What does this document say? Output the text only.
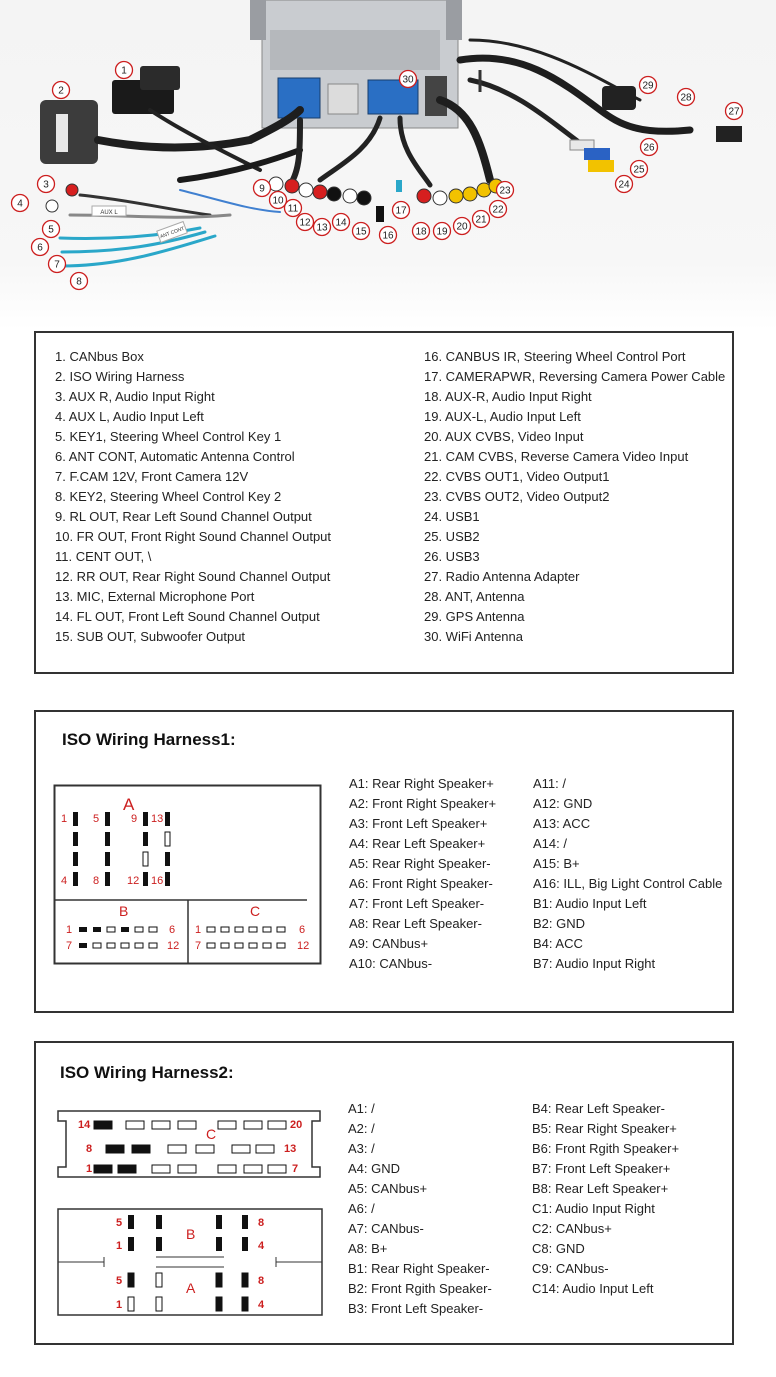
AUX L
ANT CONT
1
2
3
4
5
6
7
8
9
10
11
12 13 14
15 16
17
18 19 20
21
22
23
24
25
26
27
28
29
30
1. CANbus Box
2. ISO Wiring Harness
3. AUX R, Audio Input Right
4. AUX L, Audio Input Left
5. KEY1, Steering Wheel Control Key 1
6. ANT CONT, Automatic Antenna Control
7. F.CAM 12V, Front Camera 12V
8. KEY2, Steering Wheel Control Key 2
9. RL OUT, Rear Left Sound Channel Output
10. FR OUT, Front Right Sound Channel Output
11. CENT OUT, \
12. RR OUT, Rear Right Sound Channel Output
13. MIC, External Microphone Port
14. FL OUT, Front Left Sound Channel Output
15. SUB OUT, Subwoofer Output
16. CANBUS IR, Steering Wheel Control Port
17. CAMERAPWR, Reversing Camera Power Cable
18. AUX-R, Audio Input Right
19. AUX-L, Audio Input Left
20. AUX CVBS, Video Input
21. CAM CVBS, Reverse Camera Video Input
22. CVBS OUT1, Video Output1
23. CVBS OUT2, Video Output2
24. USB1
25. USB2
26. USB3
27. Radio Antenna Adapter
28. ANT, Antenna
29. GPS Antenna
30. WiFi Antenna
ISO Wiring Harness1:
A
1 5	9 13
4 8	12 16
B
1	6
7	12
C
1	6
7	12
A1: Rear Right Speaker+
A2: Front Right Speaker+
A3: Front Left Speaker+
A4: Rear Left Speaker+
A5: Rear Right Speaker-
A6: Front Right Speaker-
A7: Front Left Speaker-
A8: Rear Left Speaker-
A9: CANbus+
A10: CANbus-
A11: /
A12: GND
A13: ACC
A14: /
A15: B+
A16: ILL, Big Light Control Cable
B1: Audio Input Left
B2: GND
B4: ACC
B7: Audio Input Right
ISO Wiring Harness2:
C
14	20
8	13
1	7
B
5
1
8
4
A
5
1
8
4
A1: /
A2: /
A3: /
A4: GND
A5: CANbus+
A6: /
A7: CANbus-
A8: B+
B1: Rear Right Speaker-
B2: Front Rgith Speaker-
B3: Front Left Speaker-
B4: Rear Left Speaker-
B5: Rear Right Speaker+
B6: Front Rgith Speaker+
B7: Front Left Speaker+
B8: Rear Left Speaker+
C1: Audio Input Right
C2: CANbus+
C8: GND
C9: CANbus-
C14: Audio Input Left
